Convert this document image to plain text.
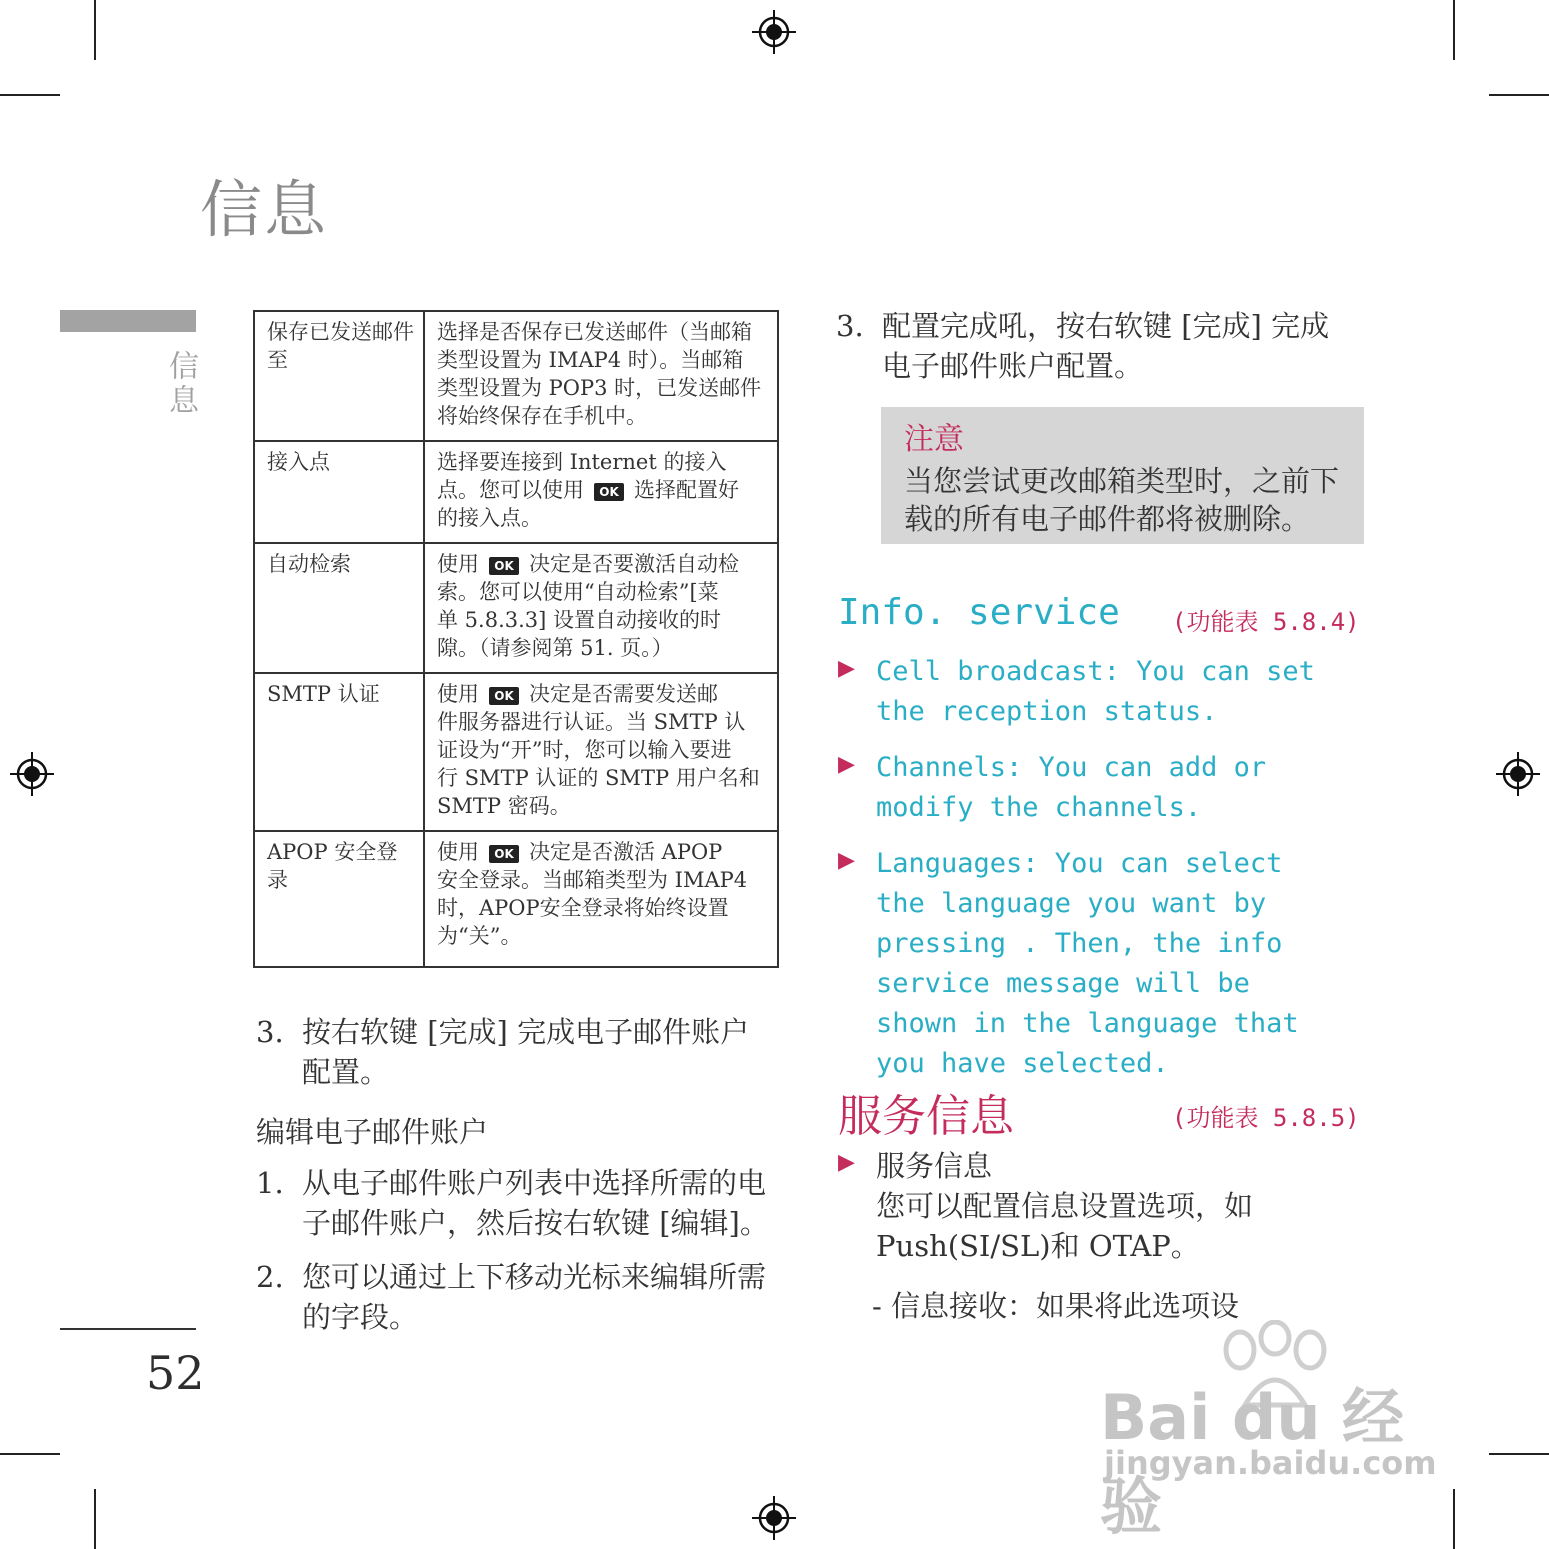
信息
信息
52
保存已发送邮件至	选择是否保存已发送邮件（当邮箱
类型设置为 IMAP4 时）。当邮箱
类型设置为 POP3 时，已发送邮件
将始终保存在手机中。
接入点	选择要连接到 Internet 的接入
点。您可以使用 OK 选择配置好
的接入点。
自动检索	使用 OK 决定是否要激活自动检
索。您可以使用“自动检索”[菜
单 5.8.3.3] 设置自动接收的时
隙。（请参阅第 51. 页。）
SMTP 认证	使用 OK 决定是否需要发送邮
件服务器进行认证。当 SMTP 认
证设为“开”时，您可以输入要进
行 SMTP 认证的 SMTP 用户名和
SMTP 密码。
APOP 安全登录	使用 OK 决定是否激活 APOP
安全登录。当邮箱类型为 IMAP4
时，APOP安全登录将始终设置
为“关”。
3. 按右软键 [完成] 完成电子邮件账户配置。
编辑电子邮件账户
1. 从电子邮件账户列表中选择所需的电子邮件账户，然后按右软键 [编辑]。
2. 您可以通过上下移动光标来编辑所需的字段。
3. 配置完成吼，按右软键 [完成] 完成电子邮件账户配置。
注意
当您尝试更改邮箱类型时，之前下载的所有电子邮件都将被删除。
Info. service (功能表 5.8.4)
▶ Cell broadcast: You can set the reception status.
▶ Channels: You can add or modify the channels.
▶ Languages: You can select the language you want by pressing . Then, the info service message will be shown in the language that you have selected.
服务信息	(功能表 5.8.5)
▶ 服务信息
您可以配置信息设置选项，如 Push(SI/SL)和 OTAP。
- 信息接收：如果将此选项设
Bai du 经验
jingyan.baidu.com
